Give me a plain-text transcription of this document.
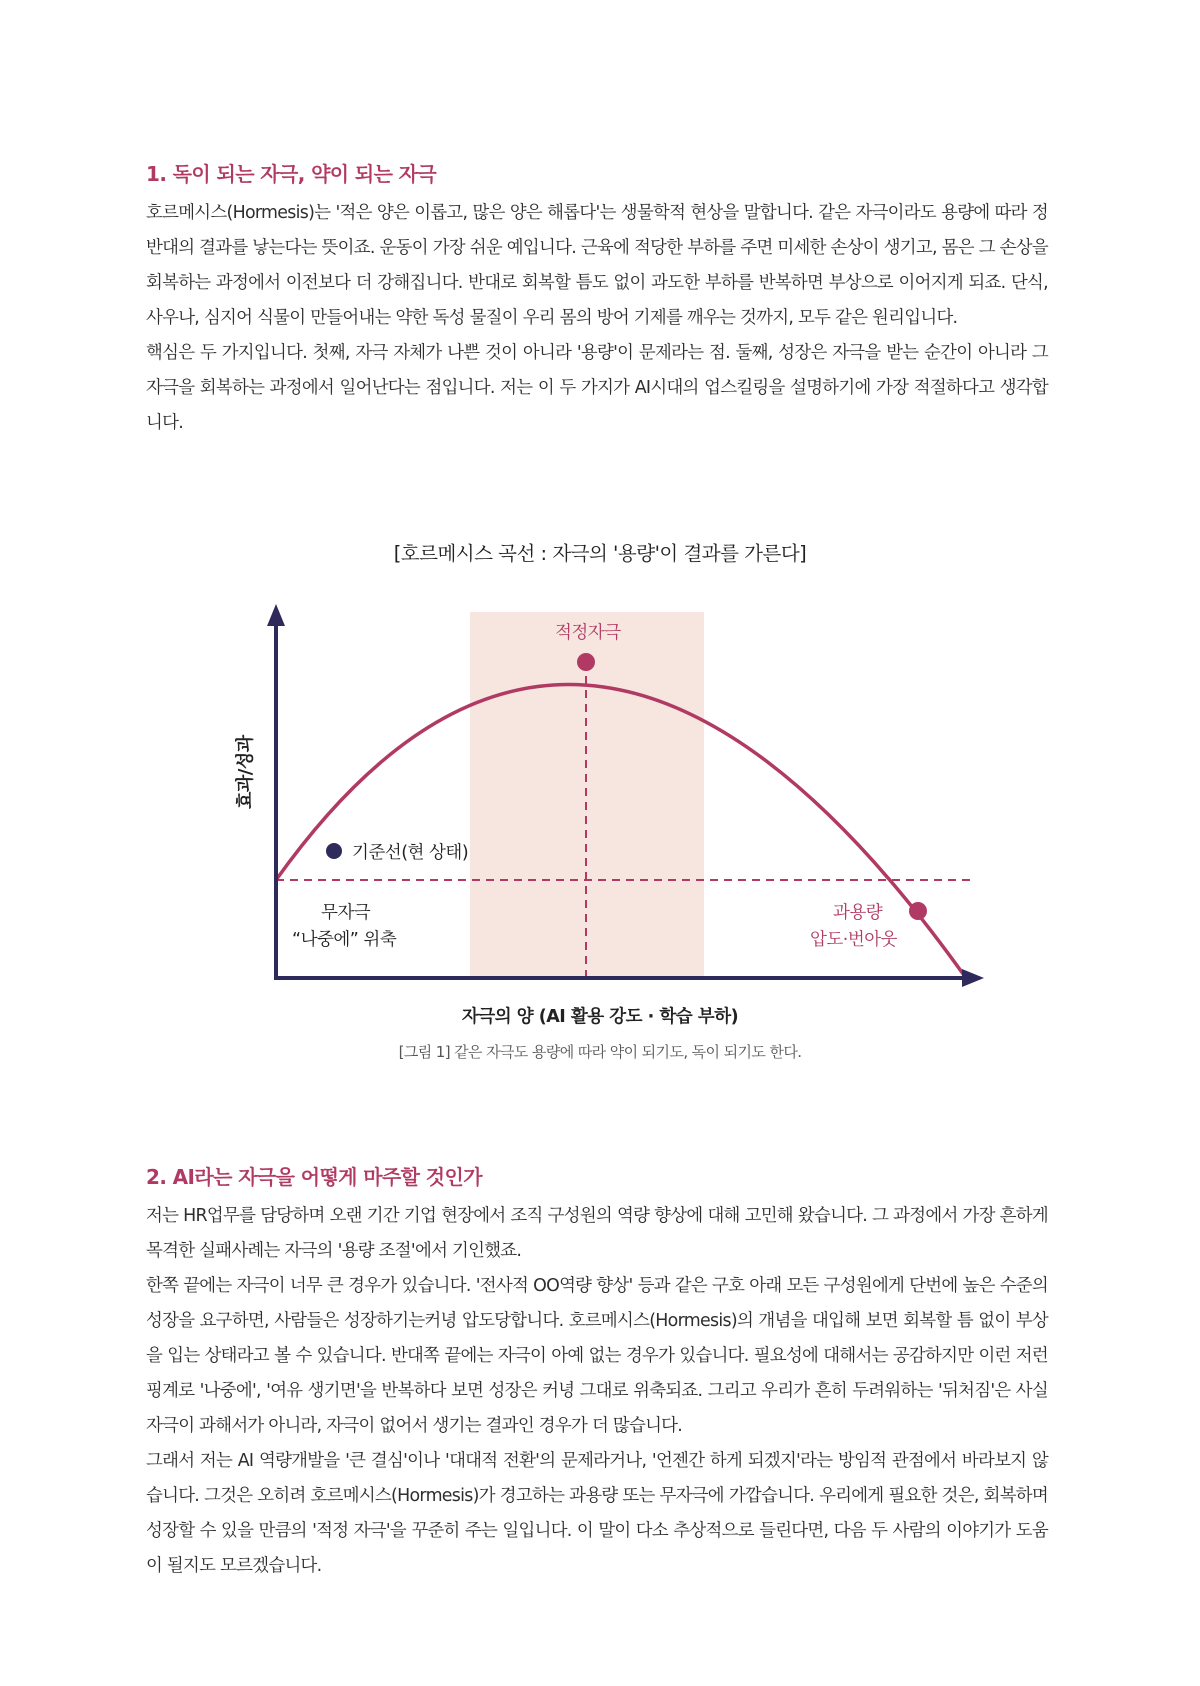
1. 독이 되는 자극, 약이 되는 자극

호르메시스(Hormesis)는 '적은 양은 이롭고, 많은 양은 해롭다'는 생물학적 현상을 말합니다. 같은 자극이라도 용량에 따라 정반대의 결과를 낳는다는 뜻이죠. 운동이 가장 쉬운 예입니다. 근육에 적당한 부하를 주면 미세한 손상이 생기고, 몸은 그 손상을 회복하는 과정에서 이전보다 더 강해집니다. 반대로 회복할 틈도 없이 과도한 부하를 반복하면 부상으로 이어지게 되죠. 단식, 사우나, 심지어 식물이 만들어내는 약한 독성 물질이 우리 몸의 방어 기제를 깨우는 것까지, 모두 같은 원리입니다.

핵심은 두 가지입니다. 첫째, 자극 자체가 나쁜 것이 아니라 '용량'이 문제라는 점. 둘째, 성장은 자극을 받는 순간이 아니라 그 자극을 회복하는 과정에서 일어난다는 점입니다. 저는 이 두 가지가 AI시대의 업스킬링을 설명하기에 가장 적절하다고 생각합니다.

[호르메시스 곡선 : 자극의 '용량'이 결과를 가른다]
효과/성과
적정자극
기준선(현 상태)
무자극
“나중에” 위축
과용량
압도·번아웃
자극의 양 (AI 활용 강도 · 학습 부하)
[그림 1] 같은 자극도 용량에 따라 약이 되기도, 독이 되기도 한다.
2. AI라는 자극을 어떻게 마주할 것인가

저는 HR업무를 담당하며 오랜 기간 기업 현장에서 조직 구성원의 역량 향상에 대해 고민해 왔습니다. 그 과정에서 가장 흔하게 목격한 실패사례는 자극의 '용량 조절'에서 기인했죠.

한쪽 끝에는 자극이 너무 큰 경우가 있습니다. '전사적 OO역량 향상' 등과 같은 구호 아래 모든 구성원에게 단번에 높은 수준의 성장을 요구하면, 사람들은 성장하기는커녕 압도당합니다. 호르메시스(Hormesis)의 개념을 대입해 보면 회복할 틈 없이 부상을 입는 상태라고 볼 수 있습니다. 반대쪽 끝에는 자극이 아예 없는 경우가 있습니다. 필요성에 대해서는 공감하지만 이런 저런 핑계로 '나중에', '여유 생기면'을 반복하다 보면 성장은 커녕 그대로 위축되죠. 그리고 우리가 흔히 두려워하는 '뒤처짐'은 사실 자극이 과해서가 아니라, 자극이 없어서 생기는 결과인 경우가 더 많습니다.

그래서 저는 AI 역량개발을 '큰 결심'이나 '대대적 전환'의 문제라거나, '언젠간 하게 되겠지'라는 방임적 관점에서 바라보지 않습니다. 그것은 오히려 호르메시스(Hormesis)가 경고하는 과용량 또는 무자극에 가깝습니다. 우리에게 필요한 것은, 회복하며 성장할 수 있을 만큼의 '적정 자극'을 꾸준히 주는 일입니다. 이 말이 다소 추상적으로 들린다면, 다음 두 사람의 이야기가 도움이 될지도 모르겠습니다.
